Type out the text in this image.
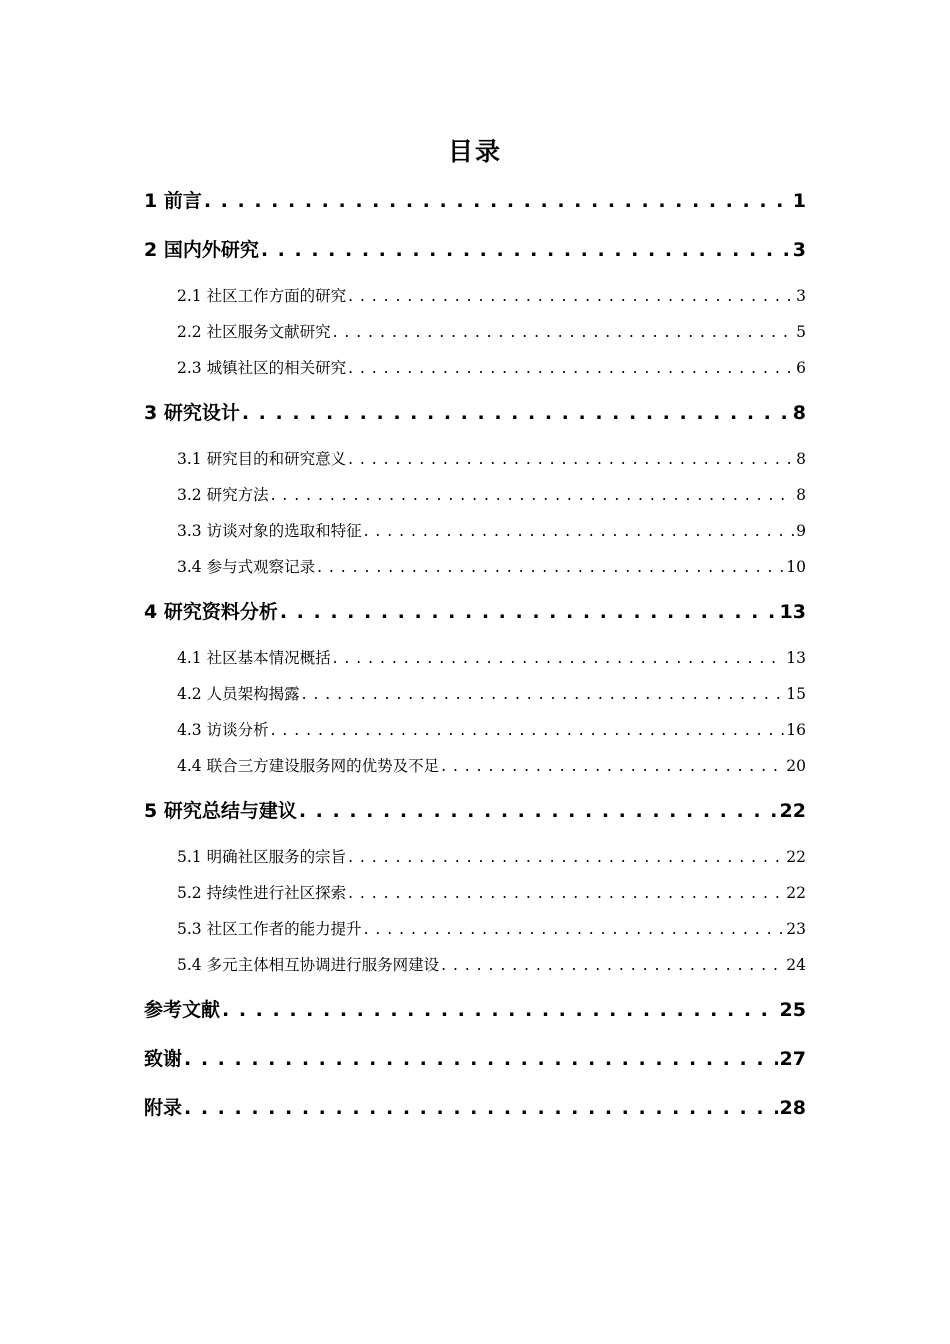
目录
1 前言 . . .	1
2 国内外研究 . . .	3
2.1 社区工作方面的研究 . . .	3
2.2 社区服务文献研究 . . .	5
2.3 城镇社区的相关研究 . . .	6
3 研究设计 . . .	8
3.1 研究目的和研究意义 . . .	8
3.2 研究方法 . . .	8
3.3 访谈对象的选取和特征 . . .	9
3.4 参与式观察记录 . . .	10
4 研究资料分析 . . .	13
4.1 社区基本情况概括 . . .	13
4.2 人员架构揭露 . . .	15
4.3 访谈分析 . . .	16
4.4 联合三方建设服务网的优势及不足 . . .	20
5 研究总结与建议 . . .	22
5.1 明确社区服务的宗旨 . . .	22
5.2 持续性进行社区探索 . . .	22
5.3 社区工作者的能力提升 . . .	23
5.4 多元主体相互协调进行服务网建设 . . .	24
参考文献 . . .	25
致谢 . . .	27
附录 . . .	28
